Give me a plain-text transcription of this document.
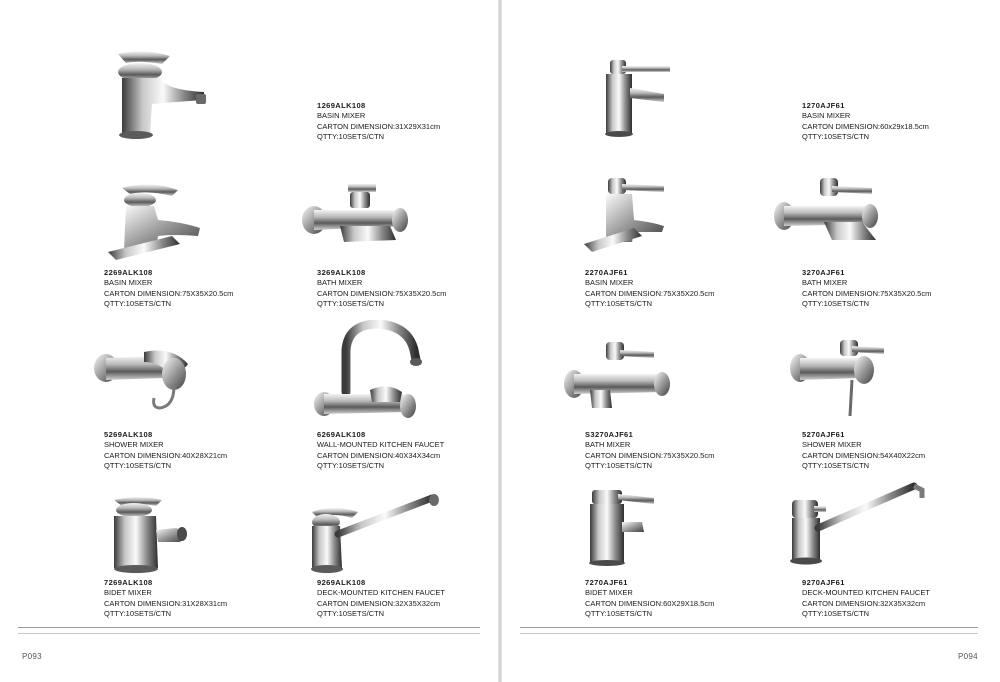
1269ALK108
BASIN MIXER
CARTON DIMENSION:31X29X31cm
QTTY:10SETS/CTN
2269ALK108
BASIN MIXER
CARTON DIMENSION:75X35X20.5cm
QTTY:10SETS/CTN
3269ALK108
BATH MIXER
CARTON DIMENSION:75X35X20.5cm
QTTY:10SETS/CTN
5269ALK108
SHOWER MIXER
CARTON DIMENSION:40X28X21cm
QTTY:10SETS/CTN
6269ALK108
WALL-MOUNTED KITCHEN FAUCET
CARTON DIMENSION:40X34X34cm
QTTY:10SETS/CTN
7269ALK108
BIDET MIXER
CARTON DIMENSION:31X28X31cm
QTTY:10SETS/CTN
9269ALK108
DECK-MOUNTED KITCHEN FAUCET
CARTON DIMENSION:32X35X32cm
QTTY:10SETS/CTN
P093
1270AJF61
BASIN MIXER
CARTON DIMENSION:60x29x18.5cm
QTTY:10SETS/CTN
2270AJF61
BASIN MIXER
CARTON DIMENSION:75X35X20.5cm
QTTY:10SETS/CTN
3270AJF61
BATH MIXER
CARTON DIMENSION:75X35X20.5cm
QTTY:10SETS/CTN
S3270AJF61
BATH MIXER
CARTON DIMENSION:75X35X20.5cm
QTTY:10SETS/CTN
5270AJF61
SHOWER MIXER
CARTON DIMENSION:54X40X22cm
QTTY:10SETS/CTN
7270AJF61
BIDET MIXER
CARTON DIMENSION:60X29X18.5cm
QTTY:10SETS/CTN
9270AJF61
DECK-MOUNTED KITCHEN FAUCET
CARTON DIMENSION:32X35X32cm
QTTY:10SETS/CTN
P094
